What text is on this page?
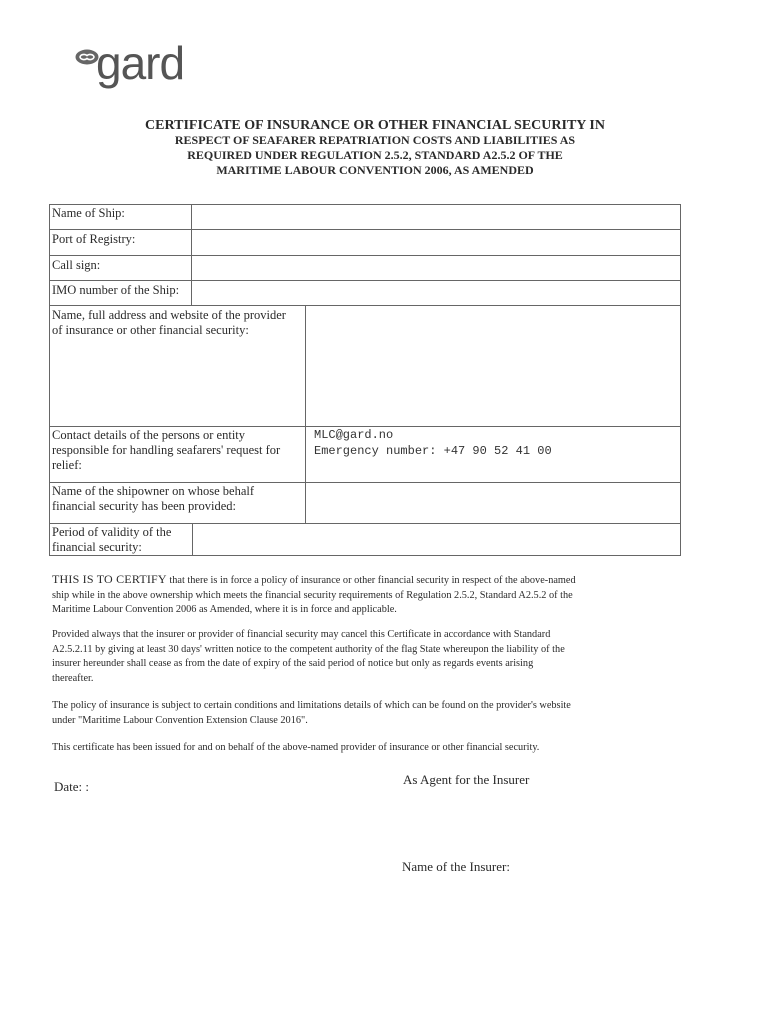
gard
CERTIFICATE OF INSURANCE OR OTHER FINANCIAL SECURITY IN
RESPECT OF SEAFARER REPATRIATION COSTS AND LIABILITIES AS
REQUIRED UNDER REGULATION 2.5.2, STANDARD A2.5.2 OF THE
MARITIME LABOUR CONVENTION 2006, AS AMENDED
Name of Ship:
Port of Registry:
Call sign:
IMO number of the Ship:
Name, full address and website of the provider
of insurance or other financial security:
Contact details of the persons or entity
responsible for handling seafarers' request for
relief:
MLC@gard.no
Emergency number: +47 90 52 41 00
Name of the shipowner on whose behalf
financial security has been provided:
Period of validity of the
financial security:
THIS IS TO CERTIFY that there is in force a policy of insurance or other financial security in respect of the above-named
ship while in the above ownership which meets the financial security requirements of Regulation 2.5.2, Standard A2.5.2 of the
Maritime Labour Convention 2006 as Amended, where it is in force and applicable.
Provided always that the insurer or provider of financial security may cancel this Certificate in accordance with Standard
A2.5.2.11 by giving at least 30 days' written notice to the competent authority of the flag State whereupon the liability of the
insurer hereunder shall cease as from the date of expiry of the said period of notice but only as regards events arising
thereafter.
The policy of insurance is subject to certain conditions and limitations details of which can be found on the provider's website
under "Maritime Labour Convention Extension Clause 2016".
This certificate has been issued for and on behalf of the above-named provider of insurance or other financial security.
Date: :	As Agent for the Insurer
Name of the Insurer:
